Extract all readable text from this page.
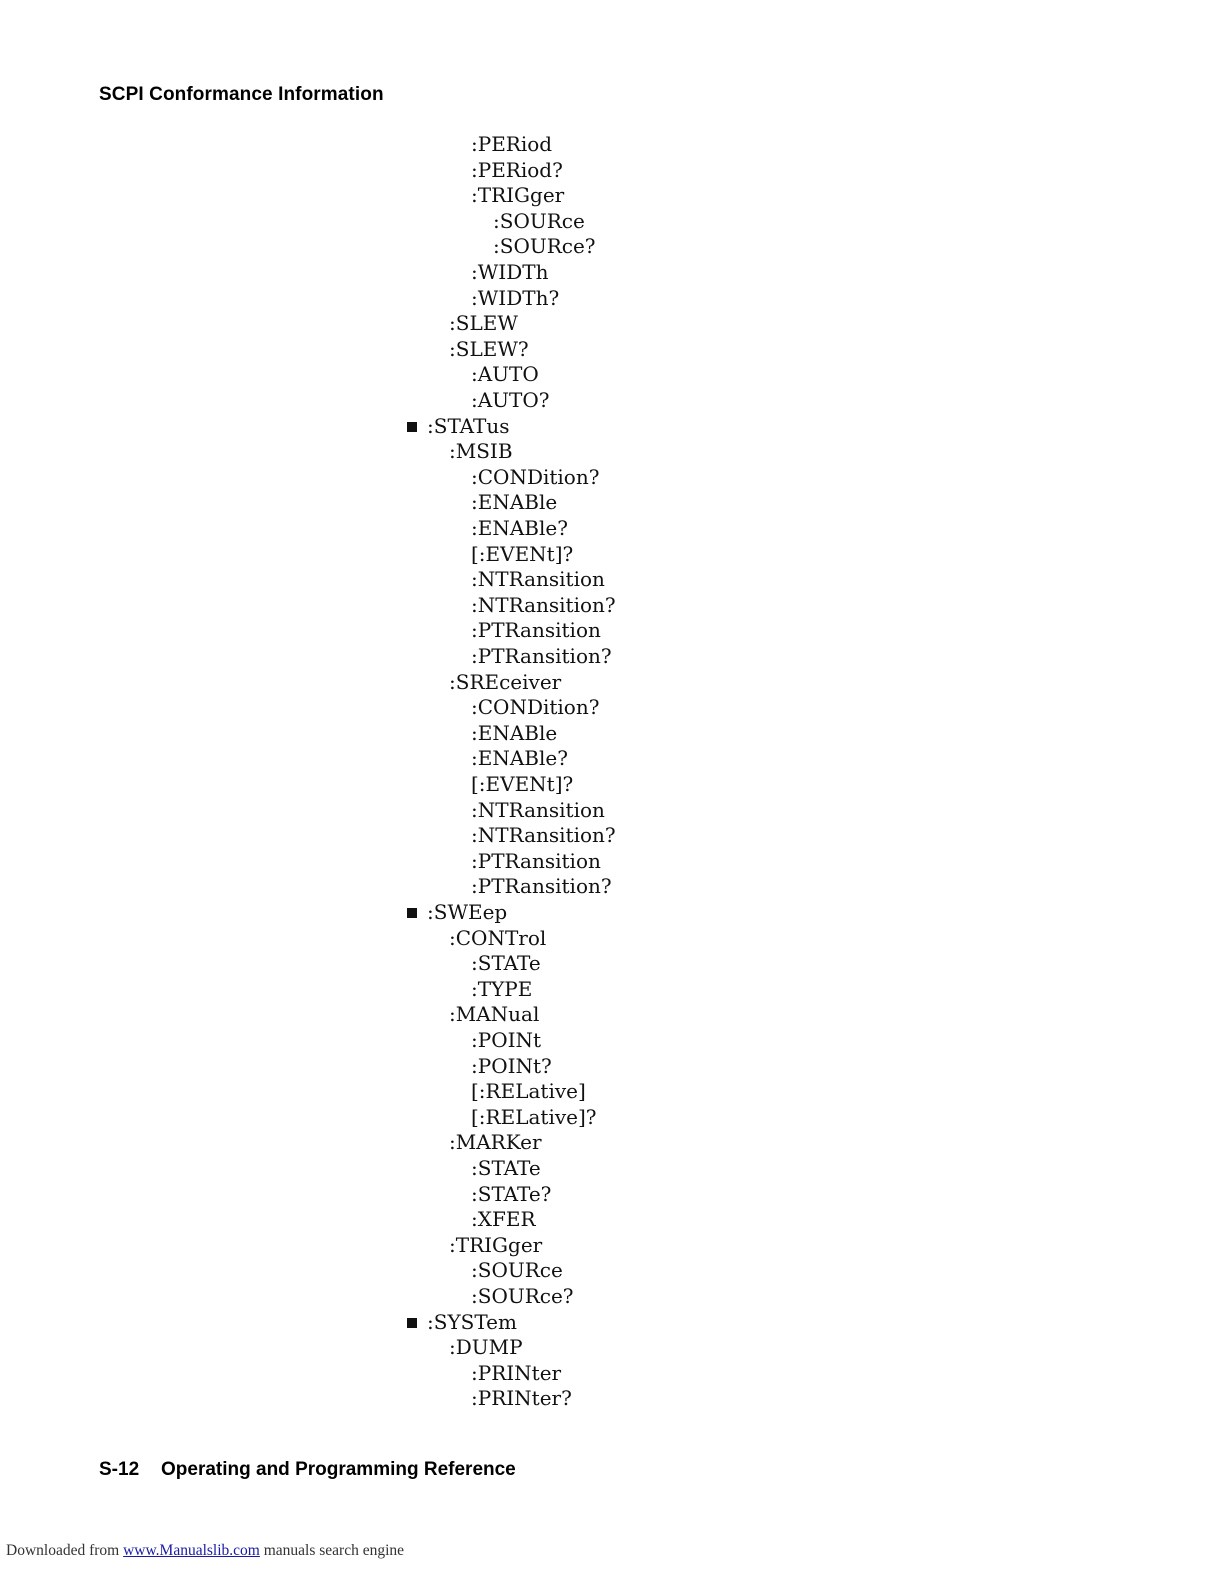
SCPI Conformance Information
:PERiod
:PERiod?
:TRIGger
:SOURce
:SOURce?
:WIDTh
:WIDTh?
:SLEW
:SLEW?
:AUTO
:AUTO?
:STATus
:MSIB
:CONDition?
:ENABle
:ENABle?
[:EVENt]?
:NTRansition
:NTRansition?
:PTRansition
:PTRansition?
:SREceiver
:CONDition?
:ENABle
:ENABle?
[:EVENt]?
:NTRansition
:NTRansition?
:PTRansition
:PTRansition?
:SWEep
:CONTrol
:STATe
:TYPE
:MANual
:POINt
:POINt?
[:RELative]
[:RELative]?
:MARKer
:STATe
:STATe?
:XFER
:TRIGger
:SOURce
:SOURce?
:SYSTem
:DUMP
:PRINter
:PRINter?
S-12 Operating and Programming Reference
Downloaded from www.Manualslib.com manuals search engine
